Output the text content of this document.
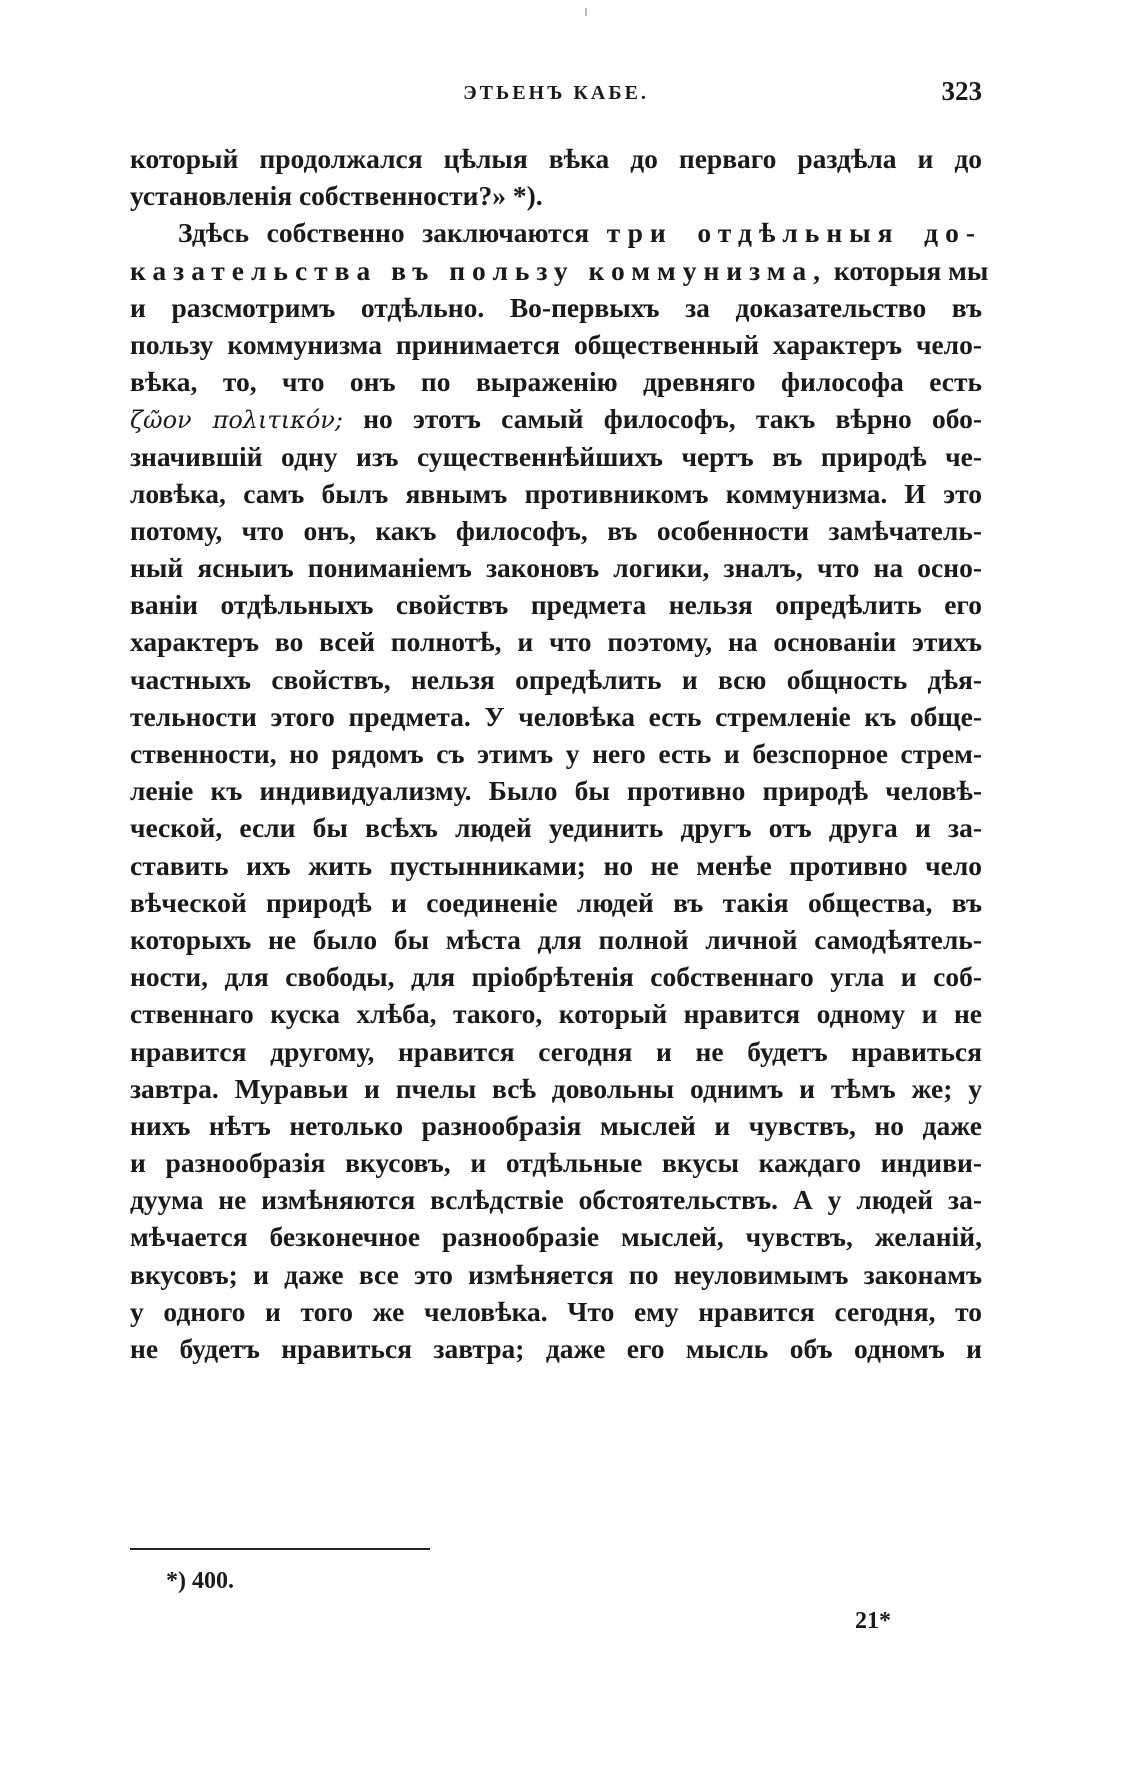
ЭТЬЕНЪ КАБЕ.	323
который продолжался цѣлыя вѣка до перваго раздѣла и до
установленія собственности?» *).
Здѣсь собственно заключаются три отдѣльныя до-
казательства въ пользу коммунизма, которыя мы
и разсмотримъ отдѣльно. Во-первыхъ за доказательство въ
пользу коммунизма принимается общественный характеръ чело-
вѣка, то, что онъ по выраженію древняго философа есть
ζῶον πολιτικόν; но этотъ самый философъ, такъ вѣрно обо-
значившій одну изъ существеннѣйшихъ чертъ въ природѣ че-
ловѣка, самъ былъ явнымъ противникомъ коммунизма. И это
потому, что онъ, какъ философъ, въ особенности замѣчатель-
ный ясныиъ пониманіемъ законовъ логики, зналъ, что на осно-
ваніи отдѣльныхъ свойствъ предмета нельзя опредѣлить его
характеръ во всей полнотѣ, и что поэтому, на основаніи этихъ
частныхъ свойствъ, нельзя опредѣлить и всю общность дѣя-
тельности этого предмета. У человѣка есть стремленіе къ обще-
ственности, но рядомъ съ этимъ у него есть и безспорное стрем-
леніе къ индивидуализму. Было бы противно природѣ человѣ-
ческой, если бы всѣхъ людей уединить другъ отъ друга и за-
ставить ихъ жить пустынниками; но не менѣе противно чело
вѣческой природѣ и соединеніе людей въ такія общества, въ
которыхъ не было бы мѣста для полной личной самодѣятель-
ности, для свободы, для пріобрѣтенія собственнаго угла и соб-
ственнаго куска хлѣба, такого, который нравится одному и не
нравится другому, нравится сегодня и не будетъ нравиться
завтра. Муравьи и пчелы всѣ довольны однимъ и тѣмъ же; у
нихъ нѣтъ нетолько разнообразія мыслей и чувствъ, но даже
и разнообразія вкусовъ, и отдѣльные вкусы каждаго индиви-
дуума не измѣняются вслѣдствіе обстоятельствъ. А у людей за-
мѣчается безконечное разнообразіе мыслей, чувствъ, желаній,
вкусовъ; и даже все это измѣняется по неуловимымъ законамъ
у одного и того же человѣка. Что ему нравится сегодня, то
не будетъ нравиться завтра; даже его мысль объ одномъ и
*) 400.
21*
